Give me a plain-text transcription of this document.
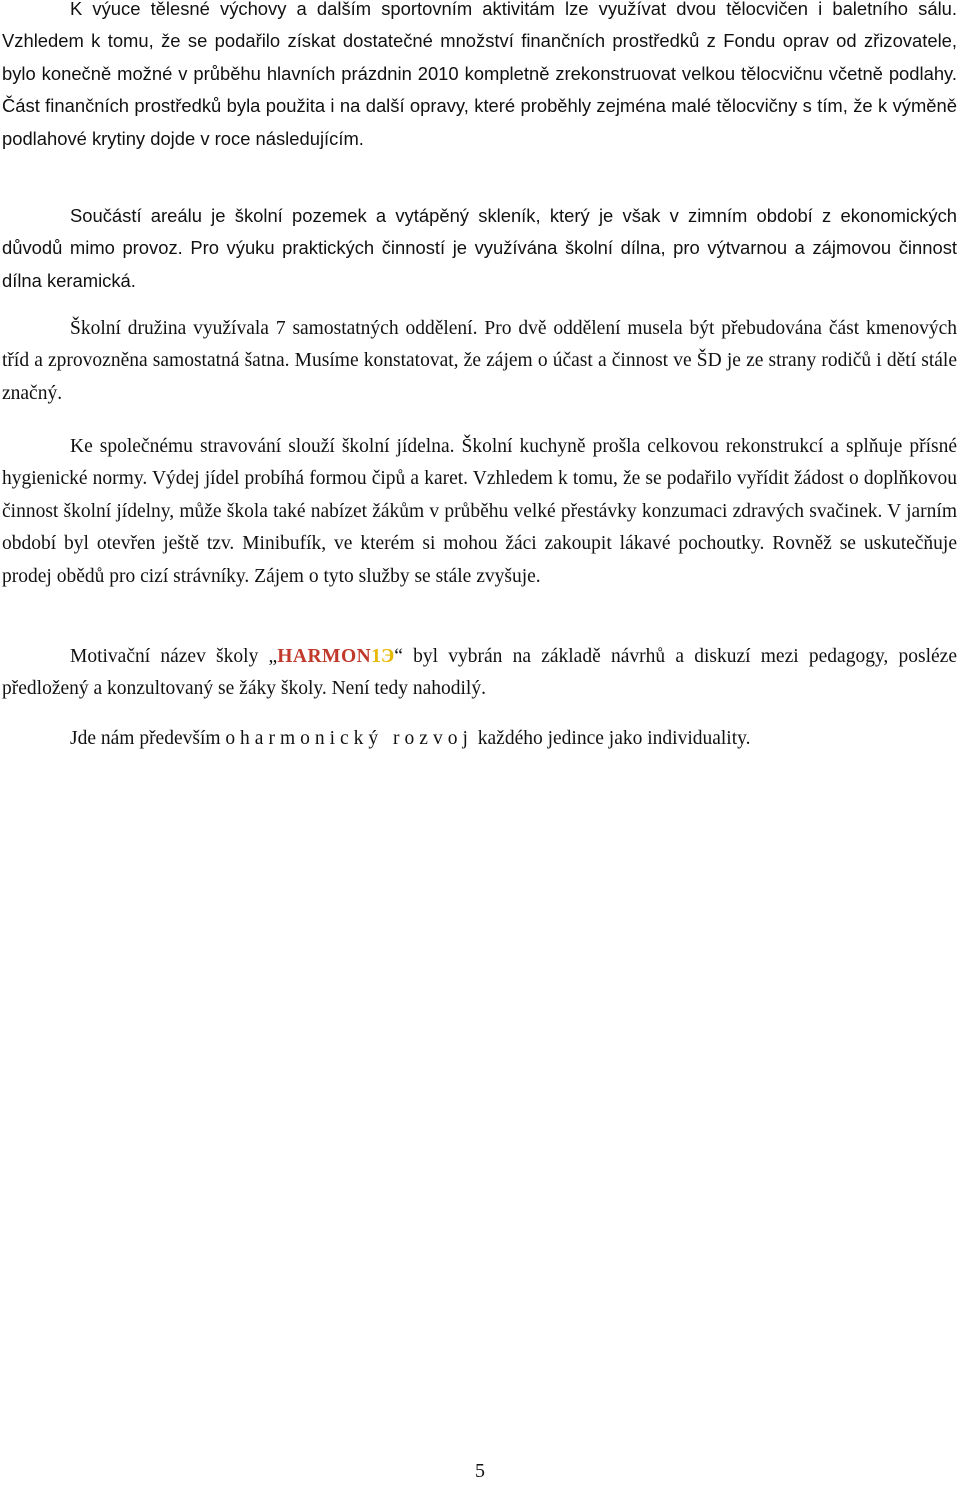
K výuce tělesné výchovy a dalším sportovním aktivitám lze využívat dvou tělocvičen i baletního sálu. Vzhledem k tomu, že se podařilo získat dostatečné množství finančních prostředků z Fondu oprav od zřizovatele, bylo konečně možné v průběhu hlavních prázdnin 2010 kompletně zrekonstruovat velkou tělocvičnu včetně podlahy. Část finančních prostředků byla použita i na další opravy, které proběhly zejména malé tělocvičny s tím, že k výměně podlahové krytiny dojde v roce následujícím.

Součástí areálu je školní pozemek a vytápěný skleník, který je však v zimním období z ekonomických důvodů mimo provoz. Pro výuku praktických činností je využívána školní dílna, pro výtvarnou a zájmovou činnost dílna keramická.

Školní družina využívala 7 samostatných oddělení. Pro dvě oddělení musela být přebudována část kmenových tříd a zprovozněna samostatná šatna. Musíme konstatovat, že zájem o účast a činnost ve ŠD je ze strany rodičů i dětí stále značný.

Ke společnému stravování slouží školní jídelna. Školní kuchyně prošla celkovou rekonstrukcí a splňuje přísné hygienické normy. Výdej jídel probíhá formou čipů a karet. Vzhledem k tomu, že se podařilo vyřídit žádost o doplňkovou činnost školní jídelny, může škola také nabízet žákům v průběhu velké přestávky konzumaci zdravých svačinek. V jarním období byl otevřen ještě tzv. Minibufík, ve kterém si mohou žáci zakoupit lákavé pochoutky. Rovněž se uskutečňuje prodej obědů pro cizí strávníky. Zájem o tyto služby se stále zvyšuje.

Motivační název školy „HARMON1Э“ byl vybrán na základě návrhů a diskuzí mezi pedagogy, posléze předložený a konzultovaný se žáky školy. Není tedy nahodilý.

Jde nám především o harmonický rozvoj každého jedince jako individuality.

5
